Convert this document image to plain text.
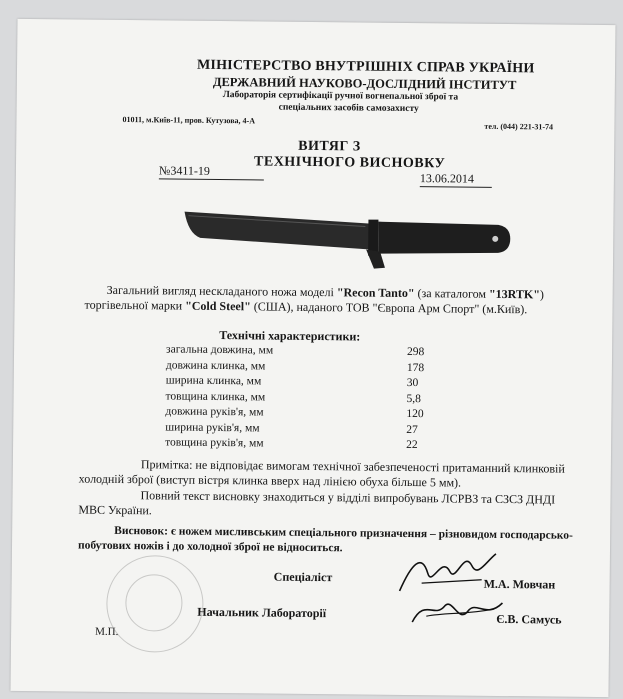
МІНІСТЕРСТВО ВНУТРІШНІХ СПРАВ УКРАЇНИ
ДЕРЖАВНИЙ НАУКОВО-ДОСЛІДНИЙ ІНСТИТУТ
Лабораторія сертифікації ручної вогнепальної зброї та
спеціальних засобів самозахисту
01011, м.Київ-11, пров. Кутузова, 4-А
тел. (044) 221-31-74
ВИТЯГ З
ТЕХНІЧНОГО ВИСНОВКУ
№3411-19
13.06.2014
Загальний вигляд нескладаного ножа моделі "Recon Tanto" (за каталогом "13RTK") торгівельної марки "Cold Steel" (США), наданого ТОВ "Європа Арм Спорт" (м.Київ).
Технічні характеристики:
загальна довжина, мм	298
довжина клинка, мм	178
ширина клинка, мм	30
товщина клинка, мм	5,8
довжина руків'я, мм	120
ширина руків'я, мм	27
товщина руків'я, мм	22
Примітка: не відповідає вимогам технічної забезпеченості притаманний клинковій холодній зброї (виступ вістря клинка вверх над лінією обуха більше 5 мм).
Повний текст висновку знаходиться у відділі випробувань ЛСРВЗ та СЗСЗ ДНДІ МВС України.
Висновок: є ножем мисливським спеціального призначення – різновидом господарсько-побутових ножів і до холодної зброї не відноситься.
Спеціаліст	М.А. Мовчан
Начальник Лабораторії	Є.В. Самусь
М.П.
